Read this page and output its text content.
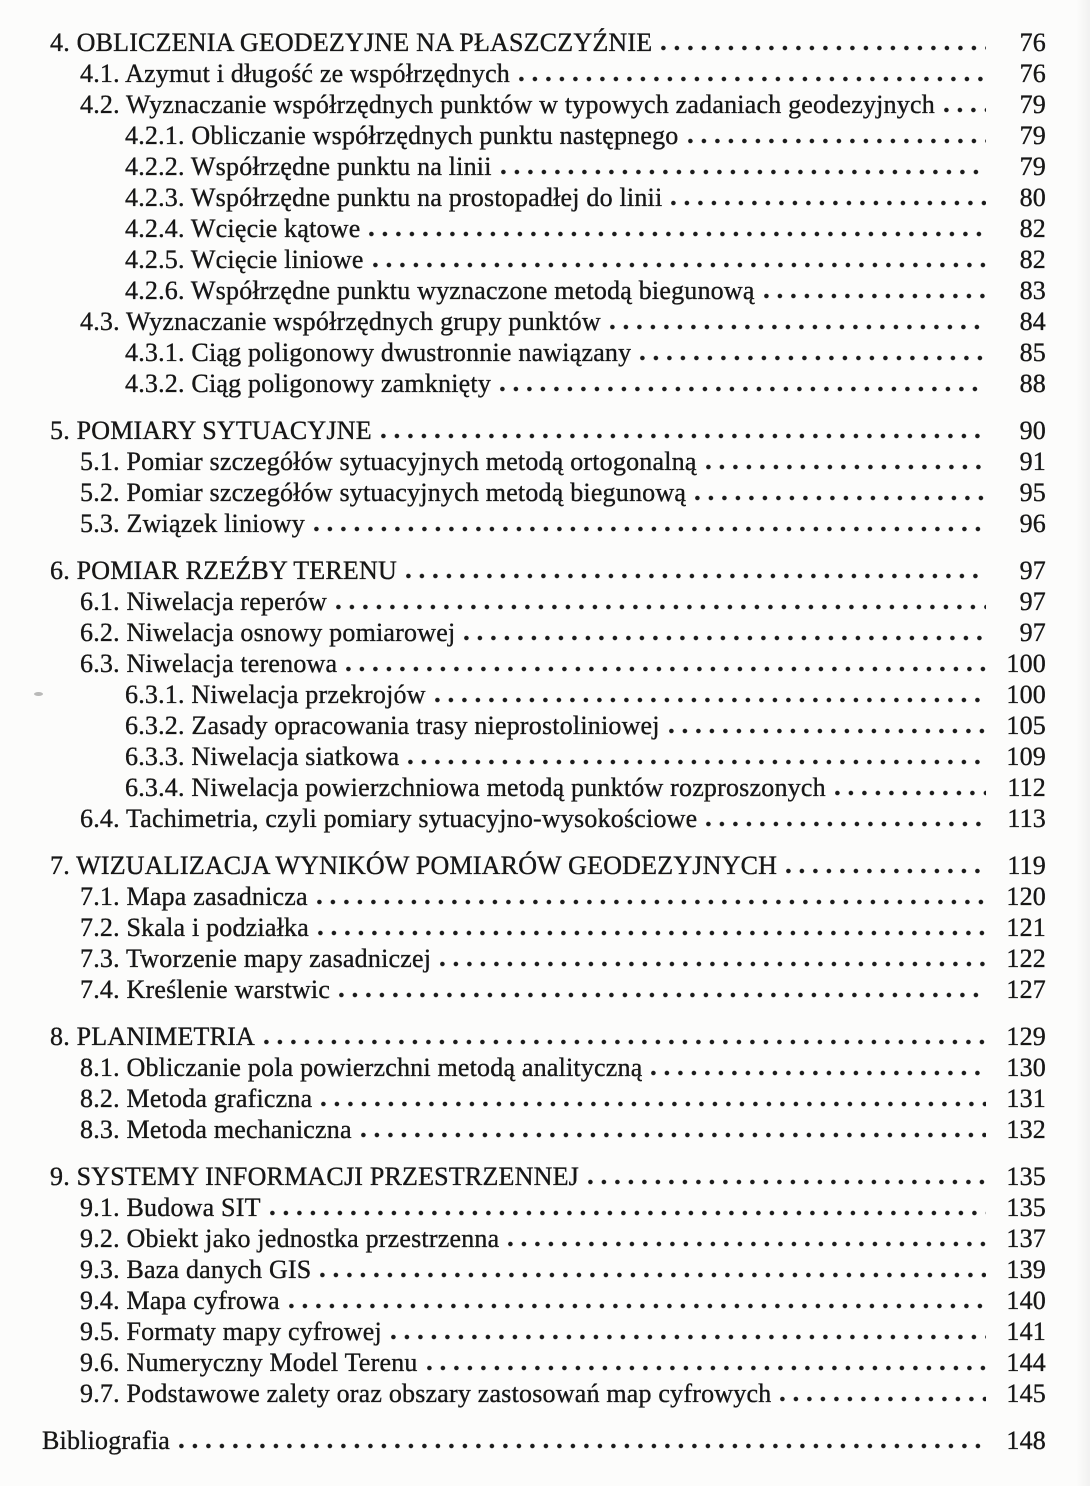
4. OBLICZENIA GEODEZYJNE NA PŁASZCZYŹNIE	76
4.1. Azymut i długość ze współrzędnych	76
4.2. Wyznaczanie współrzędnych punktów w typowych zadaniach geodezyjnych	79
4.2.1. Obliczanie współrzędnych punktu następnego	79
4.2.2. Współrzędne punktu na linii	79
4.2.3. Współrzędne punktu na prostopadłej do linii	80
4.2.4. Wcięcie kątowe	82
4.2.5. Wcięcie liniowe	82
4.2.6. Współrzędne punktu wyznaczone metodą biegunową	83
4.3. Wyznaczanie współrzędnych grupy punktów	84
4.3.1. Ciąg poligonowy dwustronnie nawiązany	85
4.3.2. Ciąg poligonowy zamknięty	88
5. POMIARY SYTUACYJNE	90
5.1. Pomiar szczegółów sytuacyjnych metodą ortogonalną	91
5.2. Pomiar szczegółów sytuacyjnych metodą biegunową	95
5.3. Związek liniowy	96
6. POMIAR RZEŹBY TERENU	97
6.1. Niwelacja reperów	97
6.2. Niwelacja osnowy pomiarowej	97
6.3. Niwelacja terenowa	100
6.3.1. Niwelacja przekrojów	100
6.3.2. Zasady opracowania trasy nieprostoliniowej	105
6.3.3. Niwelacja siatkowa	109
6.3.4. Niwelacja powierzchniowa metodą punktów rozproszonych	112
6.4. Tachimetria, czyli pomiary sytuacyjno-wysokościowe	113
7. WIZUALIZACJA WYNIKÓW POMIARÓW GEODEZYJNYCH	119
7.1. Mapa zasadnicza	120
7.2. Skala i podziałka	121
7.3. Tworzenie mapy zasadniczej	122
7.4. Kreślenie warstwic	127
8. PLANIMETRIA	129
8.1. Obliczanie pola powierzchni metodą analityczną	130
8.2. Metoda graficzna	131
8.3. Metoda mechaniczna	132
9. SYSTEMY INFORMACJI PRZESTRZENNEJ	135
9.1. Budowa SIT	135
9.2. Obiekt jako jednostka przestrzenna	137
9.3. Baza danych GIS	139
9.4. Mapa cyfrowa	140
9.5. Formaty mapy cyfrowej	141
9.6. Numeryczny Model Terenu	144
9.7. Podstawowe zalety oraz obszary zastosowań map cyfrowych	145
Bibliografia	148
